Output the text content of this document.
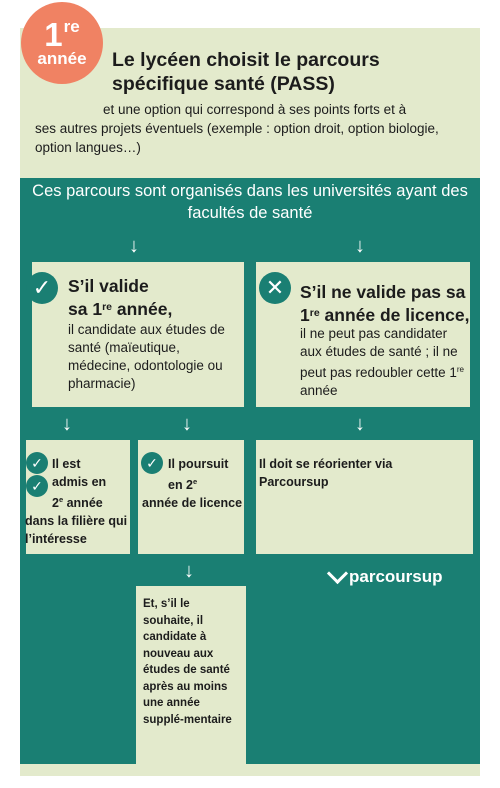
1re
année	Le lycéen choisit le parcours spécifique santé (PASS)
et une option qui correspond à ses points forts et à
ses autres projets éventuels (exemple : option droit, option biologie, option langues…)
Ces parcours sont organisés dans les universités ayant des facultés de santé
↓	↓
↓	↓	↓
↓
✓ S’il valide
sa 1re année,
il candidate aux études de santé (maïeutique, médecine, odontologie ou pharmacie)
✕ S’il ne valide pas sa
1re année de licence,
il ne peut pas candidater aux études de santé ; il ne peut pas redoubler cette 1re année
✓
✓
Il est
admis en
2e année
dans la filière qui l’intéresse
✓ Il poursuit
en 2e
année de licence
Il doit se réorienter via Parcoursup
Et, s’il le souhaite, il candidate à nouveau aux études de santé après au moins une année supplé-mentaire
parcoursup
